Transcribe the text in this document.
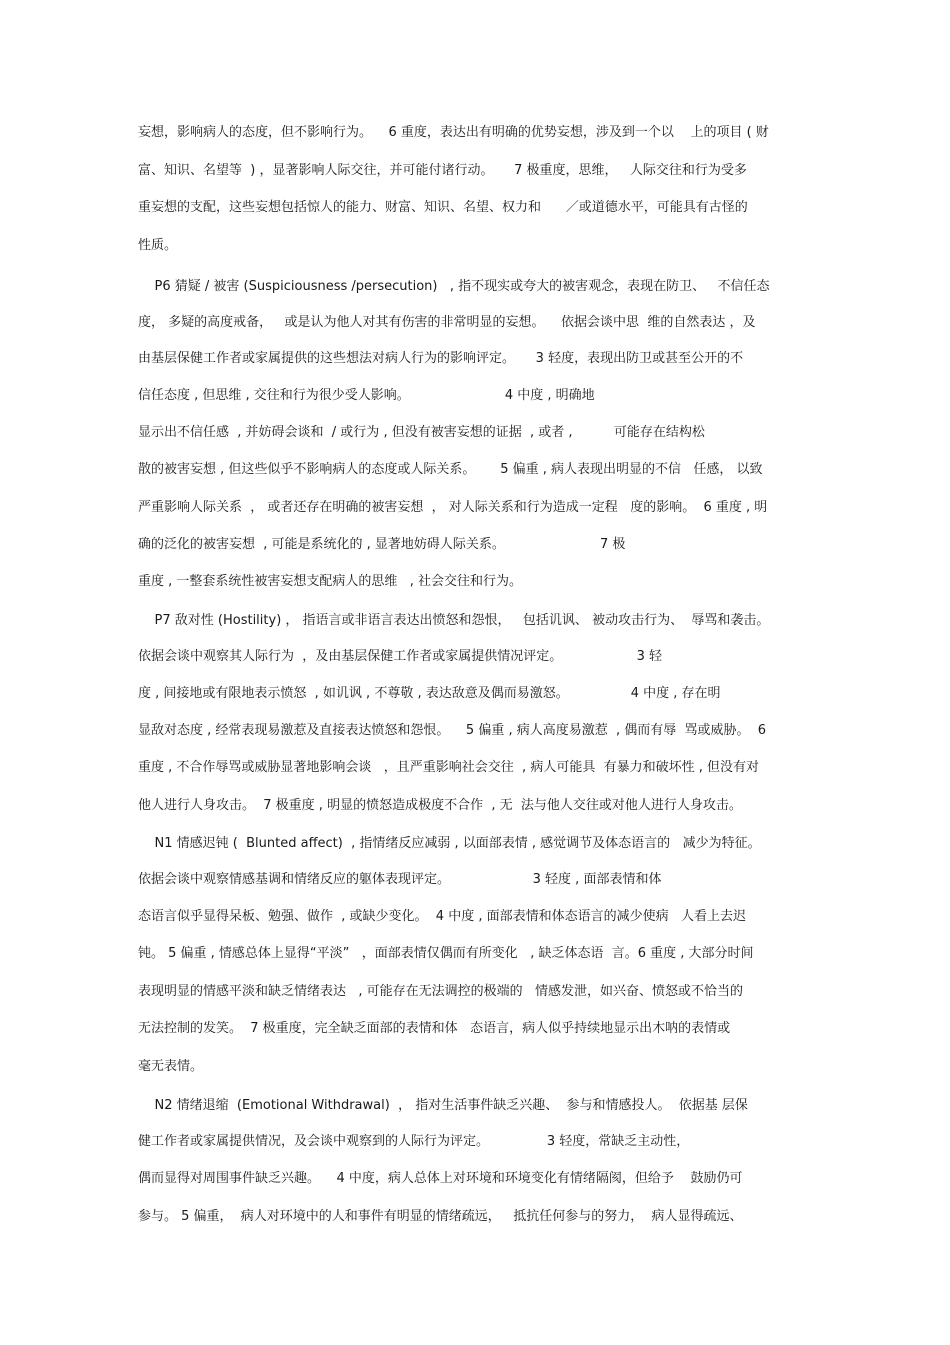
妄想，影响病人的态度，但不影响行为。    6 重度，表达出有明确的优势妄想，涉及到一个以    上的项目 ( 财
富、知识、名望等  ) ，显著影响人际交往，并可能付诸行动。     7 极重度，思维，   人际交往和行为受多
重妄想的支配，这些妄想包括惊人的能力、财富、知识、名望、权力和      ／或道德水平，可能具有古怪的
性质。
P6 猜疑 / 被害 (Suspiciousness /persecution)   , 指不现实或夸大的被害观念，表现在防卫、   不信任态
度， 多疑的高度戒备，   或是认为他人对其有伤害的非常明显的妄想。    依据会谈中思  维的自然表达 ，及
由基层保健工作者或家属提供的这些想法对病人行为的影响评定。     3 轻度，表现出防卫或甚至公开的不
信任态度 , 但思维 , 交往和行为很少受人影响。                       4 中度 , 明确地
显示出不信任感  , 并妨碍会谈和  / 或行为 , 但没有被害妄想的证据  , 或者 ,          可能存在结构松
散的被害妄想 , 但这些似乎不影响病人的态度或人际关系。      5 偏重 , 病人表现出明显的不信   任感， 以致
严重影响人际关系  ， 或者还存在明确的被害妄想  ， 对人际关系和行为造成一定程   度的影响。  6 重度 , 明
确的泛化的被害妄想  , 可能是系统化的 , 显著地妨碍人际关系。                       7 极
重度 , 一整套系统性被害妄想支配病人的思维   , 社会交往和行为。
P7 敌对性 (Hostility) ， 指语言或非语言表达出愤怒和怨恨，   包括讥讽、 被动攻击行为、  辱骂和袭击。
依据会谈中观察其人际行为  ，及由基层保健工作者或家属提供情况评定。                  3 轻
度 , 间接地或有限地表示愤怒  , 如讥讽 , 不尊敬 , 表达敌意及偶而易激怒。               4 中度 , 存在明
显敌对态度 , 经常表现易激惹及直接表达愤怒和怨恨。    5 偏重 , 病人高度易激惹  , 偶而有辱  骂或威胁。  6
重度 , 不合作辱骂或威胁显著地影响会谈   ，且严重影响社会交往  , 病人可能具  有暴力和破坏性 , 但没有对
他人进行人身攻击。  7 极重度 , 明显的愤怒造成极度不合作  , 无  法与他人交往或对他人进行人身攻击。
N1 情感迟钝 (  Blunted affect)  , 指情绪反应减弱 , 以面部表情 , 感觉调节及体态语言的   减少为特征。
依据会谈中观察情感基调和情绪反应的躯体表现评定。                    3 轻度 , 面部表情和体
态语言似乎显得呆板、勉强、做作  , 或缺少变化。  4 中度 , 面部表情和体态语言的减少使病   人看上去迟
钝。 5 偏重 , 情感总体上显得“平淡”   ，面部表情仅偶而有所变化   , 缺乏体态语  言。6 重度 , 大部分时间
表现明显的情感平淡和缺乏情绪表达   , 可能存在无法调控的极端的   情感发泄，如兴奋、愤怒或不恰当的
无法控制的发笑。  7 极重度，完全缺乏面部的表情和体   态语言，病人似乎持续地显示出木呐的表情或
毫无表情。
N2 情绪退缩  (Emotional Withdrawal)  ， 指对生活事件缺乏兴趣、  参与和情感投人。  依据基 层保
健工作者或家属提供情况，及会谈中观察到的人际行为评定。              3 轻度，常缺乏主动性，
偶而显得对周围事件缺乏兴趣。    4 中度，病人总体上对环境和环境变化有情绪隔阂，但给予    鼓励仍可
参与。 5 偏重，  病人对环境中的人和事件有明显的情绪疏远，   抵抗任何参与的努力，  病人显得疏远、
